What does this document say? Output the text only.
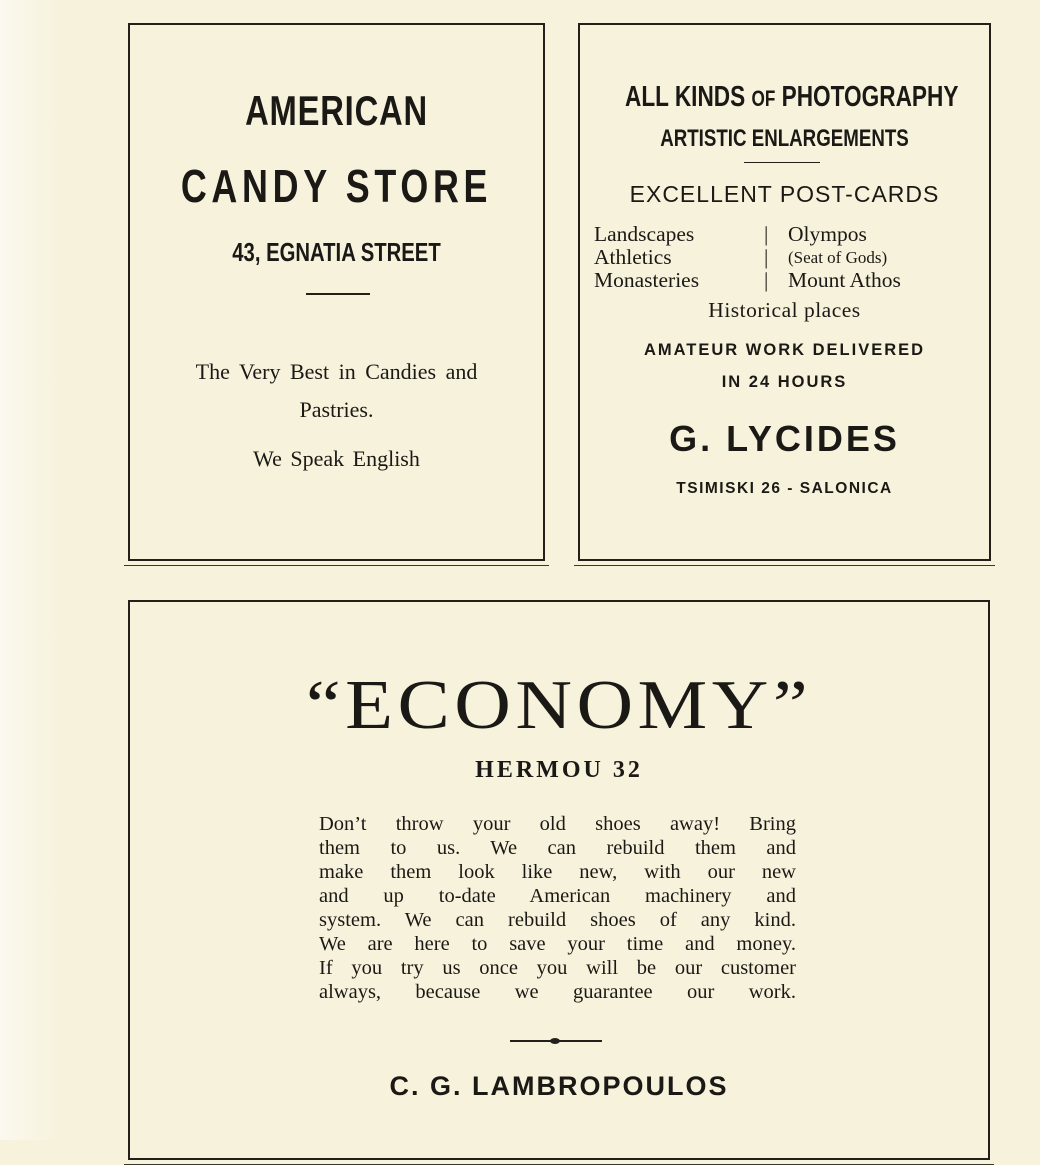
AMERICAN
CANDY STORE
43, EGNATIA STREET
The Very Best in Candies and
Pastries.
We Speak English
ALL KINDS OF PHOTOGRAPHY
ARTISTIC ENLARGEMENTS
EXCELLENT POST-CARDS
Landscapes	| Olympos
Athletics	|	(Seat of Gods)
Monasteries	| Mount Athos
Historical places
AMATEUR WORK DELIVERED
IN 24 HOURS
G. LYCIDES
TSIMISKI 26 - SALONICA
“ECONOMY”
HERMOU 32
Don’t throw your old shoes away! Bring
them to us. We can rebuild them and
make them look like new, with our new
and up to-date American machinery and
system. We can rebuild shoes of any kind.
We are here to save your time and money.
If you try us once you will be our customer
always, because we guarantee our work.
C. G. LAMBROPOULOS
